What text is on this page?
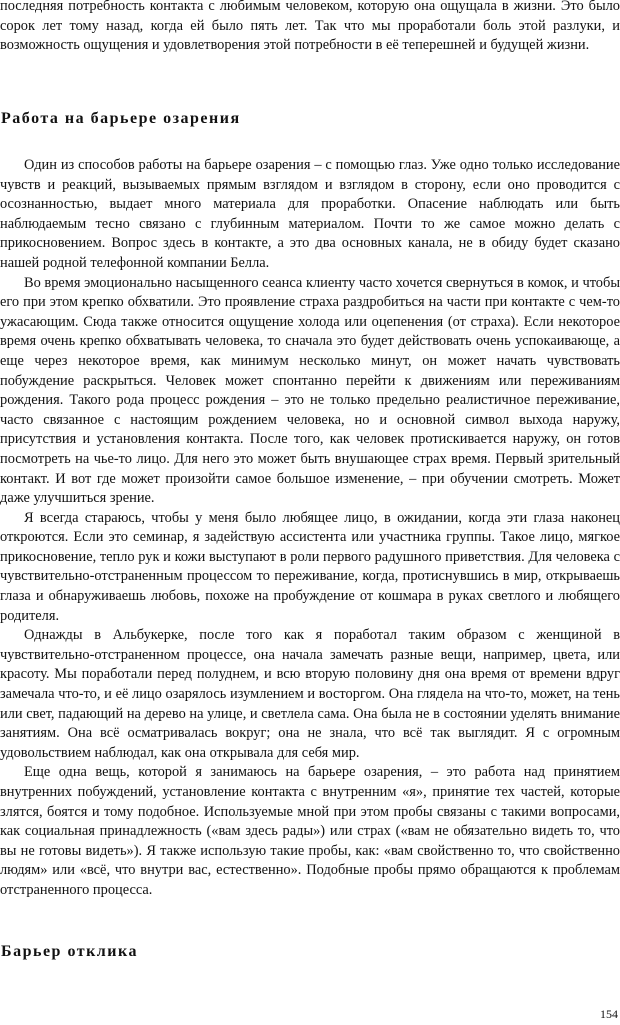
последняя потребность контакта с любимым человеком, которую она ощущала в жизни. Это было сорок лет тому назад, когда ей было пять лет. Так что мы проработали боль этой разлуки, и возможность ощущения и удовлетворения этой потребности в её теперешней и будущей жизни.

Работа на барьере озарения

Один из способов работы на барьере озарения – с помощью глаз. Уже одно только исследование чувств и реакций, вызываемых прямым взглядом и взглядом в сторону, если оно проводится с осознанностью, выдает много материала для проработки. Опасение наблюдать или быть наблюдаемым тесно связано с глубинным материалом. Почти то же самое можно делать с прикосновением. Вопрос здесь в контакте, а это два основных канала, не в обиду будет сказано нашей родной телефонной компании Белла.

Во время эмоционально насыщенного сеанса клиенту часто хочется свернуться в комок, и чтобы его при этом крепко обхватили. Это проявление страха раздробиться на части при контакте с чем-то ужасающим. Сюда также относится ощущение холода или оцепенения (от страха). Если некоторое время очень крепко обхватывать человека, то сначала это будет действовать очень успокаивающе, а еще через некоторое время, как минимум несколько минут, он может начать чувствовать побуждение раскрыться. Человек может спонтанно перейти к движениям или переживаниям рождения. Такого рода процесс рождения – это не только предельно реалистичное переживание, часто связанное с настоящим рождением человека, но и основной символ выхода наружу, присутствия и установления контакта. После того, как человек протискивается наружу, он готов посмотреть на чье-то лицо. Для него это может быть внушающее страх время. Первый зрительный контакт. И вот где может произойти самое большое изменение, – при обучении смотреть. Может даже улучшиться зрение.

Я всегда стараюсь, чтобы у меня было любящее лицо, в ожидании, когда эти глаза наконец откроются. Если это семинар, я задействую ассистента или участника группы. Такое лицо, мягкое прикосновение, тепло рук и кожи выступают в роли первого радушного приветствия. Для человека с чувствительно-отстраненным процессом то переживание, когда, протиснувшись в мир, открываешь глаза и обнаруживаешь любовь, похоже на пробуждение от кошмара в руках светлого и любящего родителя.

Однажды в Альбукерке, после того как я поработал таким образом с женщиной в чувствительно-отстраненном процессе, она начала замечать разные вещи, например, цвета, или красоту. Мы поработали перед полуднем, и всю вторую половину дня она время от времени вдруг замечала что-то, и её лицо озарялось изумлением и восторгом. Она глядела на что-то, может, на тень или свет, падающий на дерево на улице, и светлела сама. Она была не в состоянии уделять внимание занятиям. Она всё осматривалась вокруг; она не знала, что всё так выглядит. Я с огромным удовольствием наблюдал, как она открывала для себя мир.

Еще одна вещь, которой я занимаюсь на барьере озарения, – это работа над принятием внутренних побуждений, установление контакта с внутренним «я», принятие тех частей, которые злятся, боятся и тому подобное. Используемые мной при этом пробы связаны с такими вопросами, как социальная принадлежность («вам здесь рады») или страх («вам не обязательно видеть то, что вы не готовы видеть»). Я также использую такие пробы, как: «вам свойственно то, что свойственно людям» или «всё, что внутри вас, естественно». Подобные пробы прямо обращаются к проблемам отстраненного процесса.

Барьер отклика
154
